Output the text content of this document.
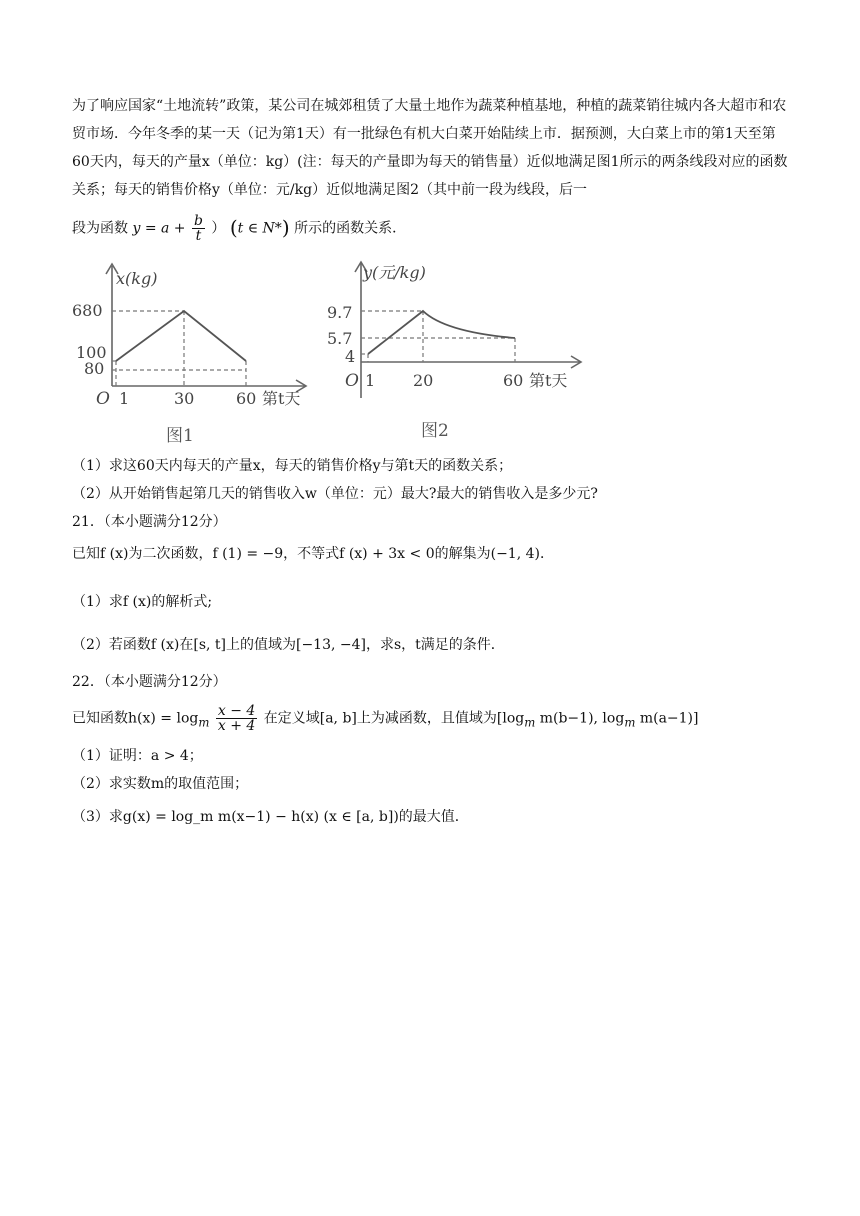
为了响应国家“土地流转”政策，某公司在城郊租赁了大量土地作为蔬菜种植基地，种植的蔬菜销往城内各大超市和农贸市场．今年冬季的某一天（记为第1天）有一批绿色有机大白菜开始陆续上市．据预测，大白菜上市的第1天至第60天内，每天的产量x（单位：kg）(注：每天的产量即为每天的销售量）近似地满足图1所示的两条线段对应的函数关系；每天的销售价格y（单位：元/kg）近似地满足图2（其中前一段为线段，后一
段为函数 $y = a + \frac{b}{t}$ ） (t ∈ N*) 所示的函数关系．
x(kg)
680
100
80
O 1	30	60 第t天
图1
y(元/kg)
9.7
5.7
4
O 1 20	60 第t天
图2
（1）求这60天内每天的产量x，每天的销售价格y与第t天的函数关系；
（2）从开始销售起第几天的销售收入w（单位：元）最大?最大的销售收入是多少元?
21．（本小题满分12分）
已知f (x)为二次函数，f (1) = −9，不等式f (x) + 3x < 0的解集为(−1, 4)．
（1）求f (x)的解析式;
（2）若函数f (x)在[s, t]上的值域为[−13, −4]，求s，t满足的条件．
22．（本小题满分12分）
已知函数$h(x) = \log_m \frac{x - 4}{x + 4}$ 在定义域[a, b]上为减函数，且值域为[$\log_m$ m(b−1), $\log_m m(a-1)$]
（1）证明：a > 4；
（2）求实数m的取值范围；
（3）求g(x) = log_m m(x−1) − h(x) (x ∈ [a, b])的最大值．
